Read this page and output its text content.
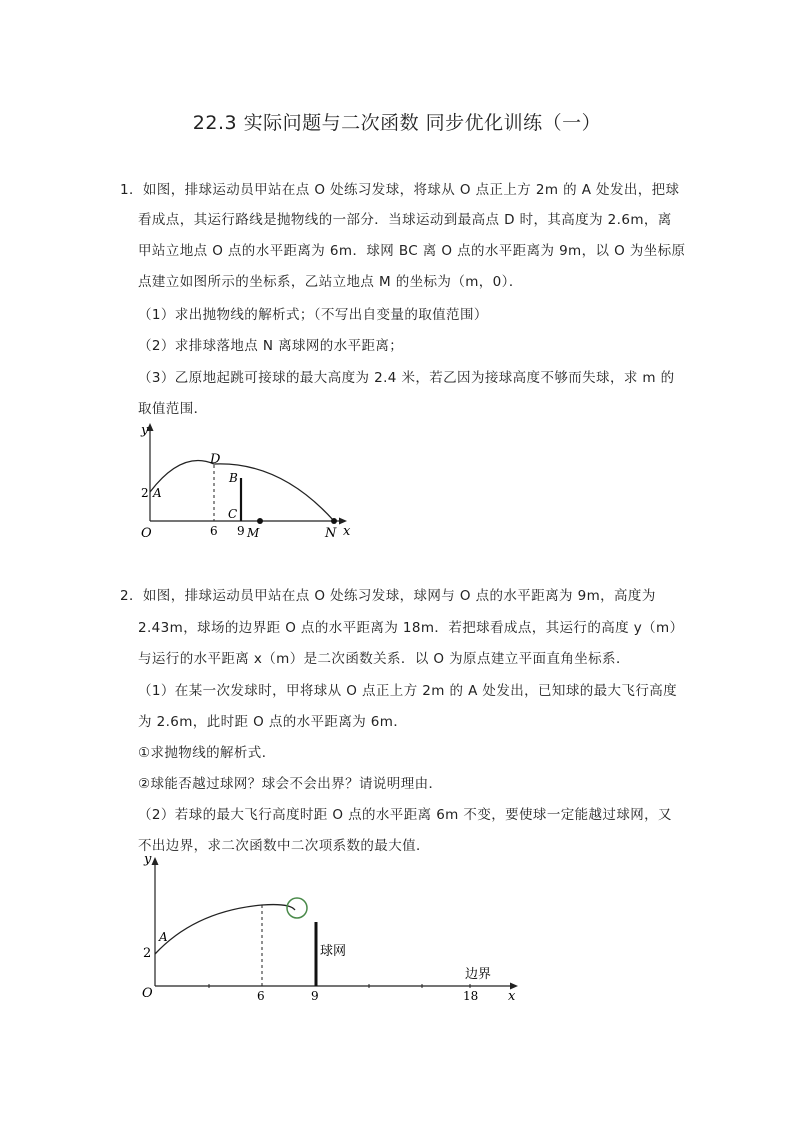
22.3 实际问题与二次函数 同步优化训练（一）
1．如图，排球运动员甲站在点 O 处练习发球，将球从 O 点正上方 2m 的 A 处发出，把球
看成点，其运行路线是抛物线的一部分．当球运动到最高点 D 时，其高度为 2.6m，离
甲站立地点 O 点的水平距离为 6m．球网 BC 离 O 点的水平距离为 9m，以 O 为坐标原
点建立如图所示的坐标系，乙站立地点 M 的坐标为（m，0）．
（1）求出抛物线的解析式；（不写出自变量的取值范围）
（2）求排球落地点 N 离球网的水平距离；
（3）乙原地起跳可接球的最大高度为 2.4 米，若乙因为接球高度不够而失球，求 m 的
取值范围．
y
D
B
C
2 A
O	6 9 M	N x
2．如图，排球运动员甲站在点 O 处练习发球，球网与 O 点的水平距离为 9m，高度为
2.43m，球场的边界距 O 点的水平距离为 18m．若把球看成点，其运行的高度 y（m）
与运行的水平距离 x（m）是二次函数关系．以 O 为原点建立平面直角坐标系．
（1）在某一次发球时，甲将球从 O 点正上方 2m 的 A 处发出，已知球的最大飞行高度
为 2.6m，此时距 O 点的水平距离为 6m．
①求抛物线的解析式．
②球能否越过球网？球会不会出界？请说明理由．
（2）若球的最大飞行高度时距 O 点的水平距离 6m 不变，要使球一定能越过球网，又
不出边界，求二次函数中二次项系数的最大值．
y
A
2
O	6	9	18 x
球网
边界
